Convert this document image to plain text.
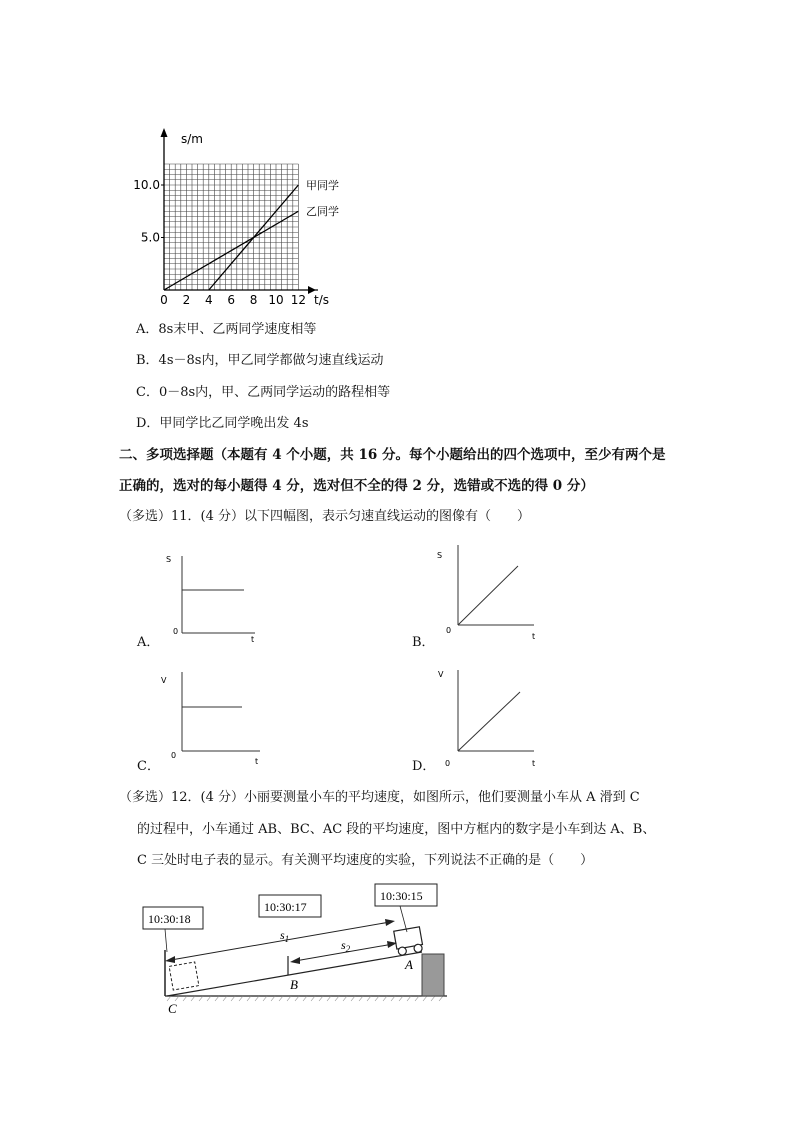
0 2 4 6 8 10 12
5.0
10.0
s/m
t/s
甲同学
乙同学
A．8s末甲、乙两同学速度相等
B．4s－8s内，甲乙同学都做匀速直线运动
C．0－8s内，甲、乙两同学运动的路程相等
D．甲同学比乙同学晚出发 4s
二、多项选择题（本题有 4 个小题，共 16 分。每个小题给出的四个选项中，至少有两个是
正确的，选对的每小题得 4 分，选对但不全的得 2 分，选错或不选的得 0 分）
（多选）11．(4 分）以下四幅图，表示匀速直线运动的图像有（　　）
S
t
0
A．
S
t
0
B．
V
t
0
C．
V
t
0
D．
（多选）12．(4 分）小丽要测量小车的平均速度，如图所示，他们要测量小车从 A 滑到 C
的过程中，小车通过 AB、BC、AC 段的平均速度，图中方框内的数字是小车到达 A、B、
C 三处时电子表的显示。有关测平均速度的实验，下列说法不正确的是（　　）
10:30:18
10:30:17
10:30:15
$s_1$	$s_2$
A
B
C
